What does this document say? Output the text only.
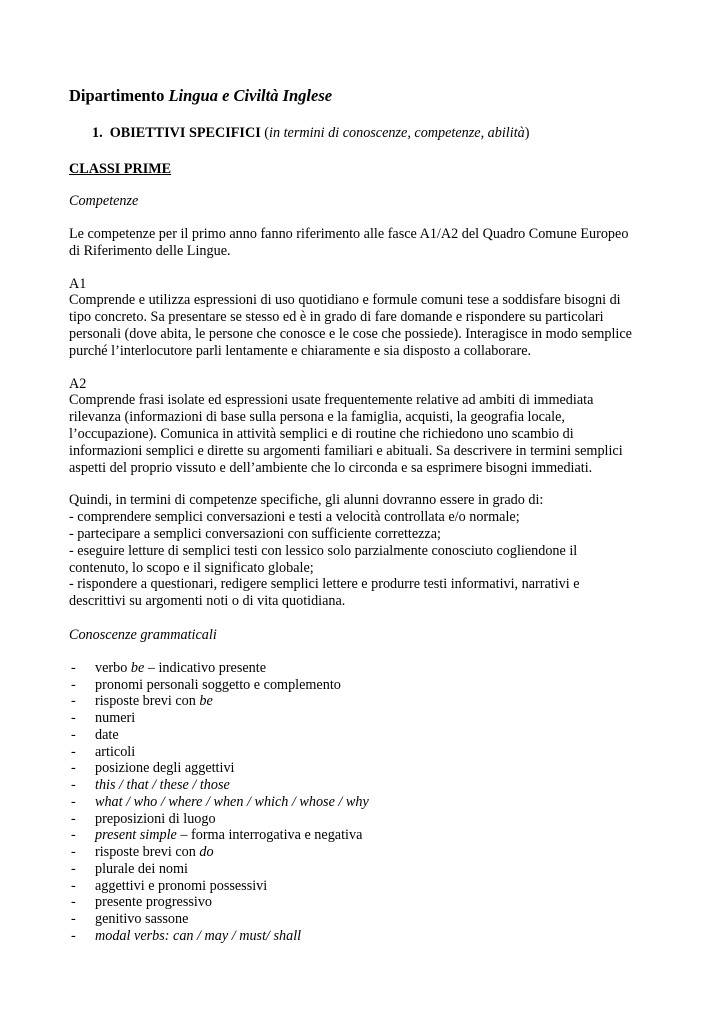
Dipartimento Lingua e Civiltà Inglese
1. OBIETTIVI SPECIFICI (in termini di conoscenze, competenze, abilità)
CLASSI PRIME
Competenze
Le competenze per il primo anno fanno riferimento alle fasce A1/A2 del Quadro Comune Europeo
di Riferimento delle Lingue.
A1
Comprende e utilizza espressioni di uso quotidiano e formule comuni tese a soddisfare bisogni di
tipo concreto. Sa presentare se stesso ed è in grado di fare domande e rispondere su particolari
personali (dove abita, le persone che conosce e le cose che possiede). Interagisce in modo semplice
purché l’interlocutore parli lentamente e chiaramente e sia disposto a collaborare.
A2
Comprende frasi isolate ed espressioni usate frequentemente relative ad ambiti di immediata
rilevanza (informazioni di base sulla persona e la famiglia, acquisti, la geografia locale,
l’occupazione). Comunica in attività semplici e di routine che richiedono uno scambio di
informazioni semplici e dirette su argomenti familiari e abituali. Sa descrivere in termini semplici
aspetti del proprio vissuto e dell’ambiente che lo circonda e sa esprimere bisogni immediati.
Quindi, in termini di competenze specifiche, gli alunni dovranno essere in grado di:
- comprendere semplici conversazioni e testi a velocità controllata e/o normale;
- partecipare a semplici conversazioni con sufficiente correttezza;
- eseguire letture di semplici testi con lessico solo parzialmente conosciuto cogliendone il
contenuto, lo scopo e il significato globale;
- rispondere a questionari, redigere semplici lettere e produrre testi informativi, narrativi e
descrittivi su argomenti noti o di vita quotidiana.
Conoscenze grammaticali
-	verbo be – indicativo presente
-	pronomi personali soggetto e complemento
-	risposte brevi con be
-	numeri
-	date
-	articoli
-	posizione degli aggettivi
-	this / that / these / those
-	what / who / where / when / which / whose / why
-	preposizioni di luogo
-	present simple – forma interrogativa e negativa
-	risposte brevi con do
-	plurale dei nomi
-	aggettivi e pronomi possessivi
-	presente progressivo
-	genitivo sassone
-	modal verbs: can / may / must/ shall
